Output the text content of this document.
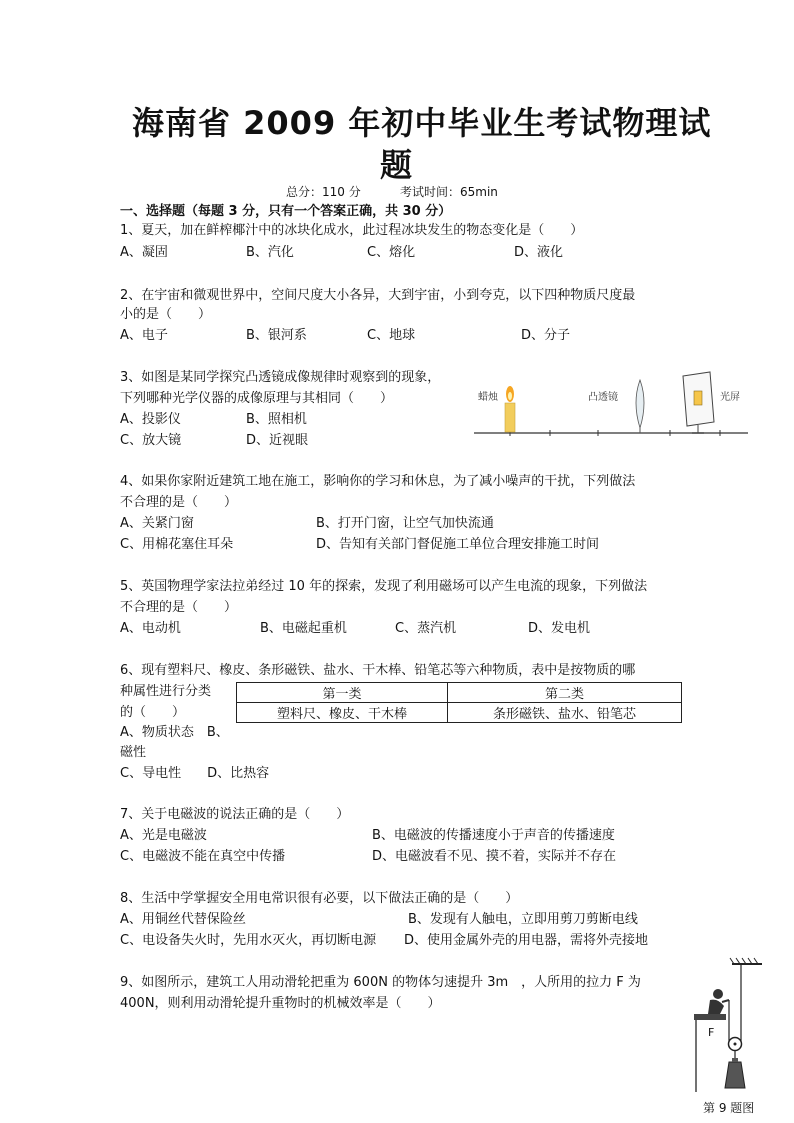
海南省 2009 年初中毕业生考试物理试
题
总分：110 分	考试时间：65min
一、选择题（每题 3 分，只有一个答案正确，共 30 分）
1、夏天，加在鲜榨椰汁中的冰块化成水，此过程冰块发生的物态变化是（　　）
A、凝固	B、汽化	C、熔化	D、液化
2、在宇宙和微观世界中，空间尺度大小各异，大到宇宙，小到夸克，以下四种物质尺度最
小的是（　　）
A、电子	B、银河系	C、地球	D、分子
3、如图是某同学探究凸透镜成像规律时观察到的现象，
下列哪种光学仪器的成像原理与其相同（　　）
A、投影仪	B、照相机
C、放大镜	D、近视眼
蜡烛	凸透镜	光屏
4、如果你家附近建筑工地在施工，影响你的学习和休息，为了减小噪声的干扰，下列做法
不合理的是（　　）
A、关紧门窗	B、打开门窗，让空气加快流通
C、用棉花塞住耳朵	D、告知有关部门督促施工单位合理安排施工时间
5、英国物理学家法拉弟经过 10 年的探索，发现了利用磁场可以产生电流的现象，下列做法
不合理的是（　　）
A、电动机	B、电磁起重机	C、蒸汽机	D、发电机
6、现有塑料尺、橡皮、条形磁铁、盐水、干木棒、铅笔芯等六种物质，表中是按物质的哪
种属性进行分类
的（　　）
A、物质状态　B、
磁性
C、导电性　　D、比热容
第一类	第二类
塑料尺、橡皮、干木棒	条形磁铁、盐水、铅笔芯
7、关于电磁波的说法正确的是（　　）
A、光是电磁波	B、电磁波的传播速度小于声音的传播速度
C、电磁波不能在真空中传播	D、电磁波看不见、摸不着，实际并不存在
8、生活中学掌握安全用电常识很有必要，以下做法正确的是（　　）
A、用铜丝代替保险丝	B、发现有人触电，立即用剪刀剪断电线
C、电设备失火时，先用水灭火，再切断电源 D、使用金属外壳的用电器，需将外壳接地
9、如图所示，建筑工人用动滑轮把重为 600N 的物体匀速提升 3m　，人所用的拉力 F 为
400N，则利用动滑轮提升重物时的机械效率是（　　）
F
第 9 题图
